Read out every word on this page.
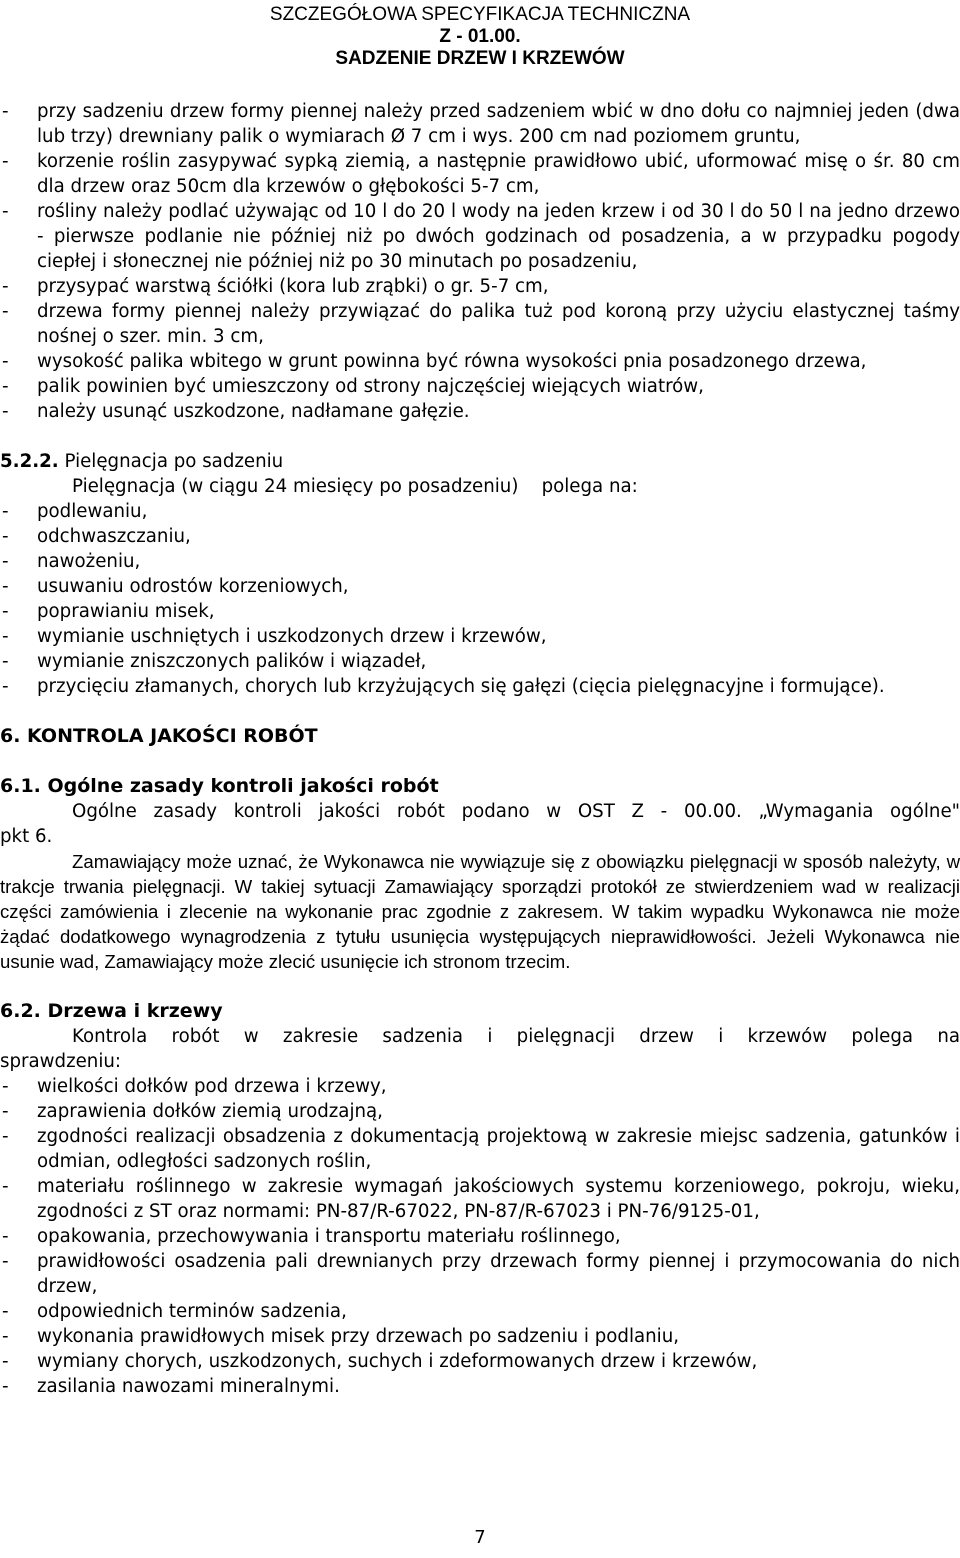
SZCZEGÓŁOWA SPECYFIKACJA TECHNICZNA
Z - 01.00.
SADZENIE DRZEW I KRZEWÓW
- przy sadzeniu drzew formy piennej należy przed sadzeniem wbić w dno dołu co najmniej jeden (dwa lub trzy) drewniany palik o wymiarach Ø 7 cm i wys. 200 cm nad poziomem gruntu,
- korzenie roślin zasypywać sypką ziemią, a następnie prawidłowo ubić, uformować misę o śr. 80 cm dla drzew oraz 50cm dla krzewów o głębokości 5-7 cm,
- rośliny należy podlać używając od 10 l do 20 l wody na jeden krzew i od 30 l do 50 l na jedno drzewo - pierwsze podlanie nie później niż po dwóch godzinach od posadzenia, a w przypadku pogody ciepłej i słonecznej nie później niż po 30 minutach po posadzeniu,
- przysypać warstwą ściółki (kora lub zrąbki) o gr. 5-7 cm,
- drzewa formy piennej należy przywiązać do palika tuż pod koroną przy użyciu elastycznej taśmy nośnej o szer. min. 3 cm,
- wysokość palika wbitego w grunt powinna być równa wysokości pnia posadzonego drzewa,
- palik powinien być umieszczony od strony najczęściej wiejących wiatrów,
- należy usunąć uszkodzone, nadłamane gałęzie.
5.2.2. Pielęgnacja po sadzeniu
Pielęgnacja (w ciągu 24 miesięcy po posadzeniu) polega na:
- podlewaniu,
- odchwaszczaniu,
- nawożeniu,
- usuwaniu odrostów korzeniowych,
- poprawianiu misek,
- wymianie uschniętych i uszkodzonych drzew i krzewów,
- wymianie zniszczonych palików i wiązadeł,
- przycięciu złamanych, chorych lub krzyżujących się gałęzi (cięcia pielęgnacyjne i formujące).
6. KONTROLA JAKOŚCI ROBÓT
6.1. Ogólne zasady kontroli jakości robót
Ogólne zasady kontroli jakości robót podano w OST Z - 00.00. „Wymagania ogólne"
pkt 6.
Zamawiający może uznać, że Wykonawca nie wywiązuje się z obowiązku pielęgnacji w sposób należyty, w trakcje trwania pielęgnacji. W takiej sytuacji Zamawiający sporządzi protokół ze stwierdzeniem wad w realizacji części zamówienia i zlecenie na wykonanie prac zgodnie z zakresem. W takim wypadku Wykonawca nie może żądać dodatkowego wynagrodzenia z tytułu usunięcia występujących nieprawidłowości. Jeżeli Wykonawca nie usunie wad, Zamawiający może zlecić usunięcie ich stronom trzecim.
6.2. Drzewa i krzewy
Kontrola robót w zakresie sadzenia i pielęgnacji drzew i krzewów polega na
sprawdzeniu:
- wielkości dołków pod drzewa i krzewy,
- zaprawienia dołków ziemią urodzajną,
- zgodności realizacji obsadzenia z dokumentacją projektową w zakresie miejsc sadzenia, gatunków i odmian, odległości sadzonych roślin,
- materiału roślinnego w zakresie wymagań jakościowych systemu korzeniowego, pokroju, wieku, zgodności z ST oraz normami: PN-87/R-67022, PN-87/R-67023 i PN-76/9125-01,
- opakowania, przechowywania i transportu materiału roślinnego,
- prawidłowości osadzenia pali drewnianych przy drzewach formy piennej i przymocowania do nich drzew,
- odpowiednich terminów sadzenia,
- wykonania prawidłowych misek przy drzewach po sadzeniu i podlaniu,
- wymiany chorych, uszkodzonych, suchych i zdeformowanych drzew i krzewów,
- zasilania nawozami mineralnymi.
7
